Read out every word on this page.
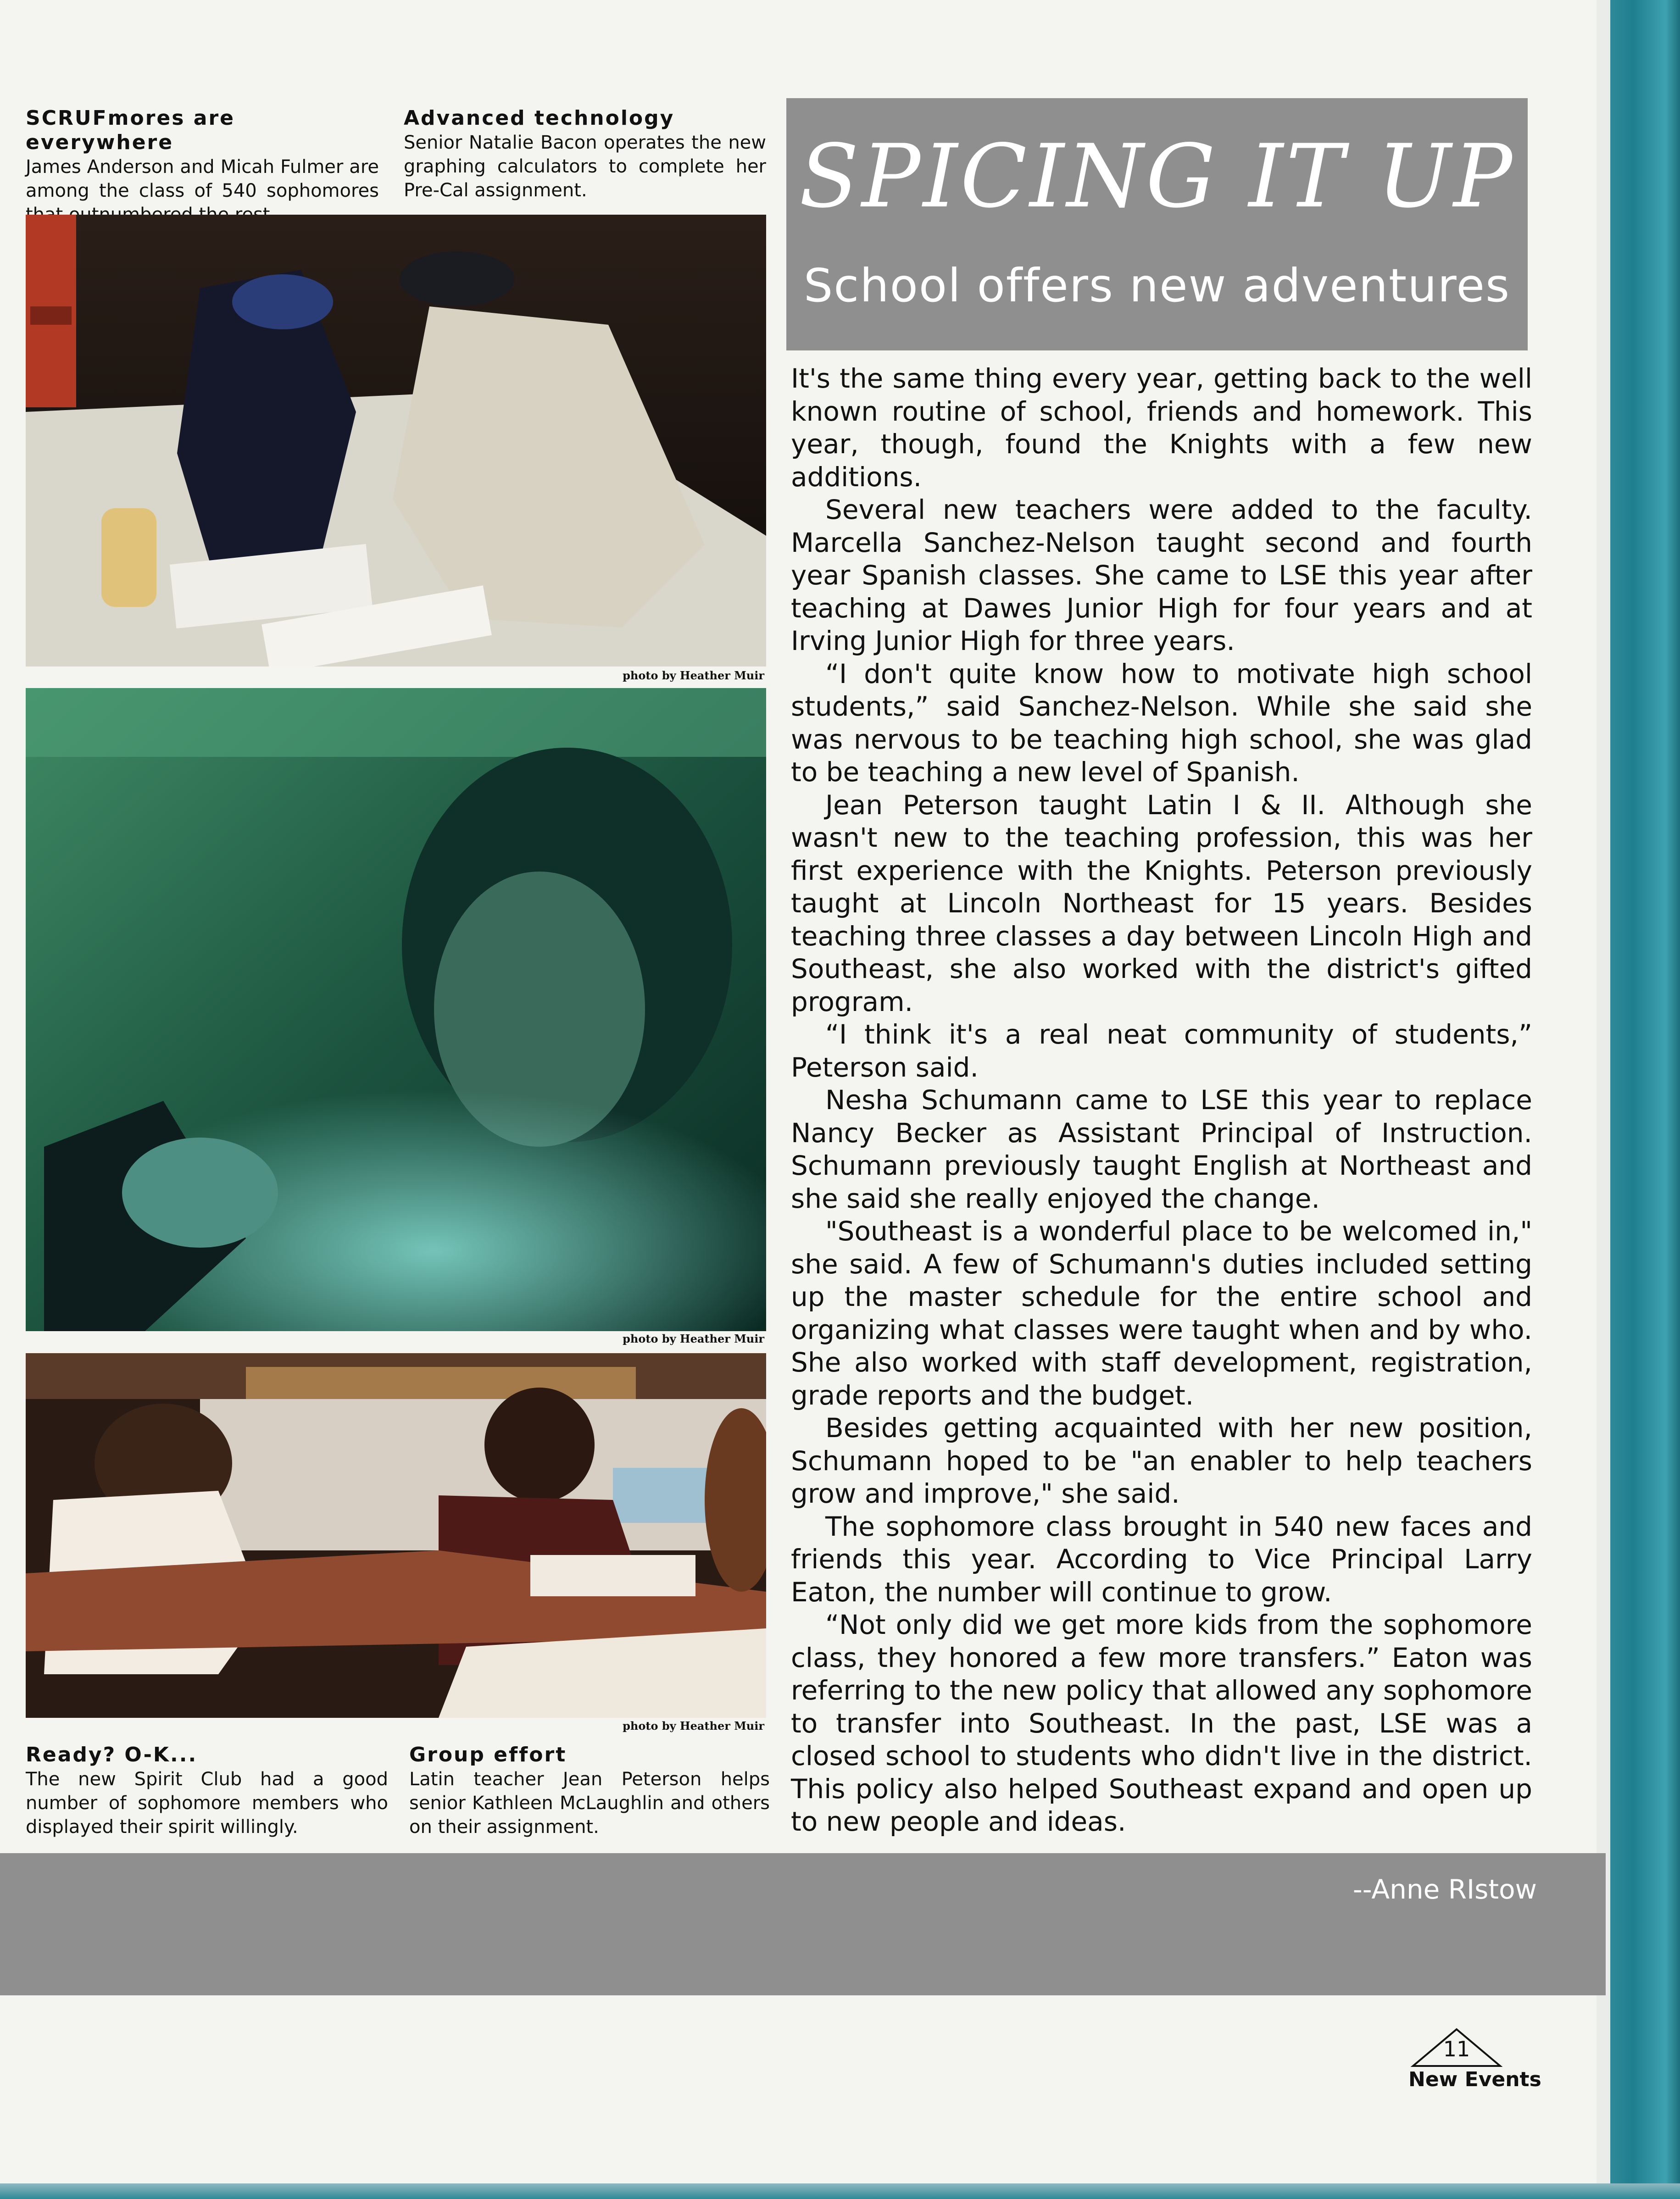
SCRUFmores are everywhere
James Anderson and Micah Fulmer are among the class of 540 sophomores
Advanced technology
Senior Natalie Bacon operates the new graphing calculators to complete her Pre-Cal assignment.
photo by Heather Muir
photo by Heather Muir
photo by Heather Muir
Ready? O-K...
The new Spirit Club had a good number of sophomore members who displayed their spirit willingly.
Group effort
Latin teacher Jean Peterson helps senior Kathleen McLaughlin and others on their assignment.
SPICING IT UP
School offers new adventures

It's the same thing every year, getting back to the well known routine of school, friends and homework. This year, though, found the Knights with a few new additions.

Several new teachers were added to the faculty. Marcella Sanchez-Nelson taught second and fourth year Spanish classes. She came to LSE this year after teaching at Dawes Junior High for four years and at Irving Junior High for three years.

“I don't quite know how to motivate high school students,” said Sanchez-Nelson. While she said she was nervous to be teaching high school, she was glad to be teaching a new level of Spanish.

Jean Peterson taught Latin I & II. Although she wasn't new to the teaching profession, this was her first experience with the Knights. Peterson previously taught at Lincoln Northeast for 15 years. Besides teaching three classes a day between Lincoln High and Southeast, she also worked with the district's gifted program.

“I think it's a real neat community of students,” Peterson said.

Nesha Schumann came to LSE this year to replace Nancy Becker as Assistant Principal of Instruction. Schumann previously taught English at Northeast and she said she really enjoyed the change.

"Southeast is a wonderful place to be welcomed in," she said. A few of Schumann's duties included setting up the master schedule for the entire school and organizing what classes were taught when and by who. She also worked with staff development, registration, grade reports and the budget.

Besides getting acquainted with her new position, Schumann hoped to be "an enabler to help teachers grow and improve," she said.

The sophomore class brought in 540 new faces and friends this year. According to Vice Principal Larry Eaton, the number will continue to grow.

“Not only did we get more kids from the sophomore class, they honored a few more transfers.” Eaton was referring to the new policy that allowed any sophomore to transfer into Southeast. In the past, LSE was a closed school to students who didn't live in the district. This policy also helped Southeast expand and open up to new people and ideas.

--Anne RIstow
11
New Events
